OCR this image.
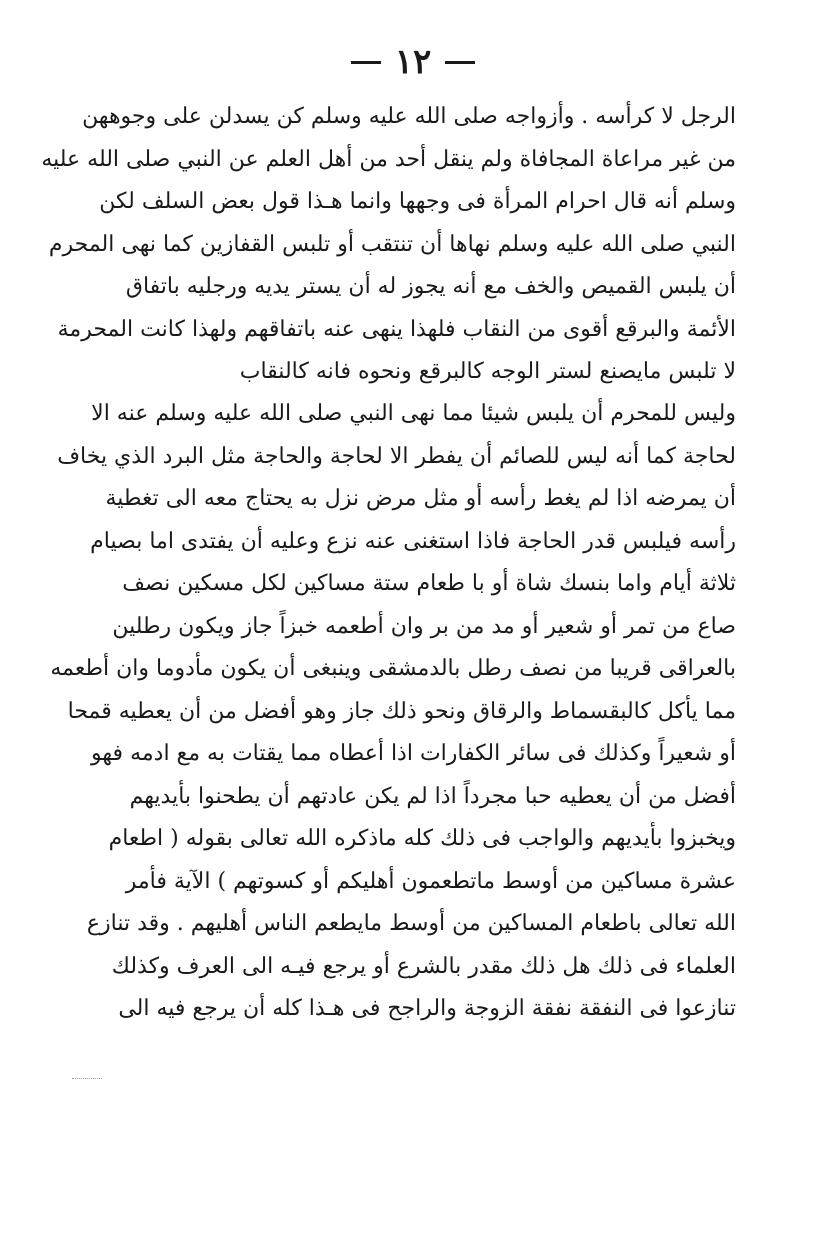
١٢
الرجل لا كرأسه . وأزواجه صلى الله عليه وسلم كن يسدلن على وجوههن
من غير مراعاة المجافاة ولم ينقل أحد من أهل العلم عن النبي صلى الله عليه
وسلم أنه قال احرام المرأة فى وجهها وانما هـذا قول بعض السلف لكن
النبي صلى الله عليه وسلم نهاها أن تنتقب أو تلبس القفازين كما نهى المحرم
أن يلبس القميص والخف مع أنه يجوز له أن يستر يديه ورجليه باتفاق
الأئمة والبرقع أقوى من النقاب فلهذا ينهى عنه باتفاقهم ولهذا كانت المحرمة
لا تلبس مايصنع لستر الوجه كالبرقع ونحوه فانه كالنقاب
وليس للمحرم أن يلبس شيئا مما نهى النبي صلى الله عليه وسلم عنه الا
لحاجة كما أنه ليس للصائم أن يفطر الا لحاجة والحاجة مثل البرد الذي يخاف
أن يمرضه اذا لم يغط رأسه أو مثل مرض نزل به يحتاج معه الى تغطية
رأسه فيلبس قدر الحاجة فاذا استغنى عنه نزع وعليه أن يفتدى اما بصيام
ثلاثة أيام واما بنسك شاة أو با طعام ستة مساكين لكل مسكين نصف
صاع من تمر أو شعير أو مد من بر وان أطعمه خبزاً جاز ويكون رطلين
بالعراقى قريبا من نصف رطل بالدمشقى وينبغى أن يكون مأدوما وان أطعمه
مما يأكل كالبقسماط والرقاق ونحو ذلك جاز وهو أفضل من أن يعطيه قمحا
أو شعيراً وكذلك فى سائر الكفارات اذا أعطاه مما يقتات به مع ادمه فهو
أفضل من أن يعطيه حبا مجرداً اذا لم يكن عادتهم أن يطحنوا بأيديهم
ويخبزوا بأيديهم والواجب فى ذلك كله ماذكره الله تعالى بقوله ( اطعام
عشرة مساكين من أوسط ماتطعمون أهليكم أو كسوتهم ) الآية فأمر
الله تعالى باطعام المساكين من أوسط مايطعم الناس أهليهم . وقد تنازع
العلماء فى ذلك هل ذلك مقدر بالشرع أو يرجع فيـه الى العرف وكذلك
تنازعوا فى النفقة نفقة الزوجة والراجح فى هـذا كله أن يرجع فيه الى
